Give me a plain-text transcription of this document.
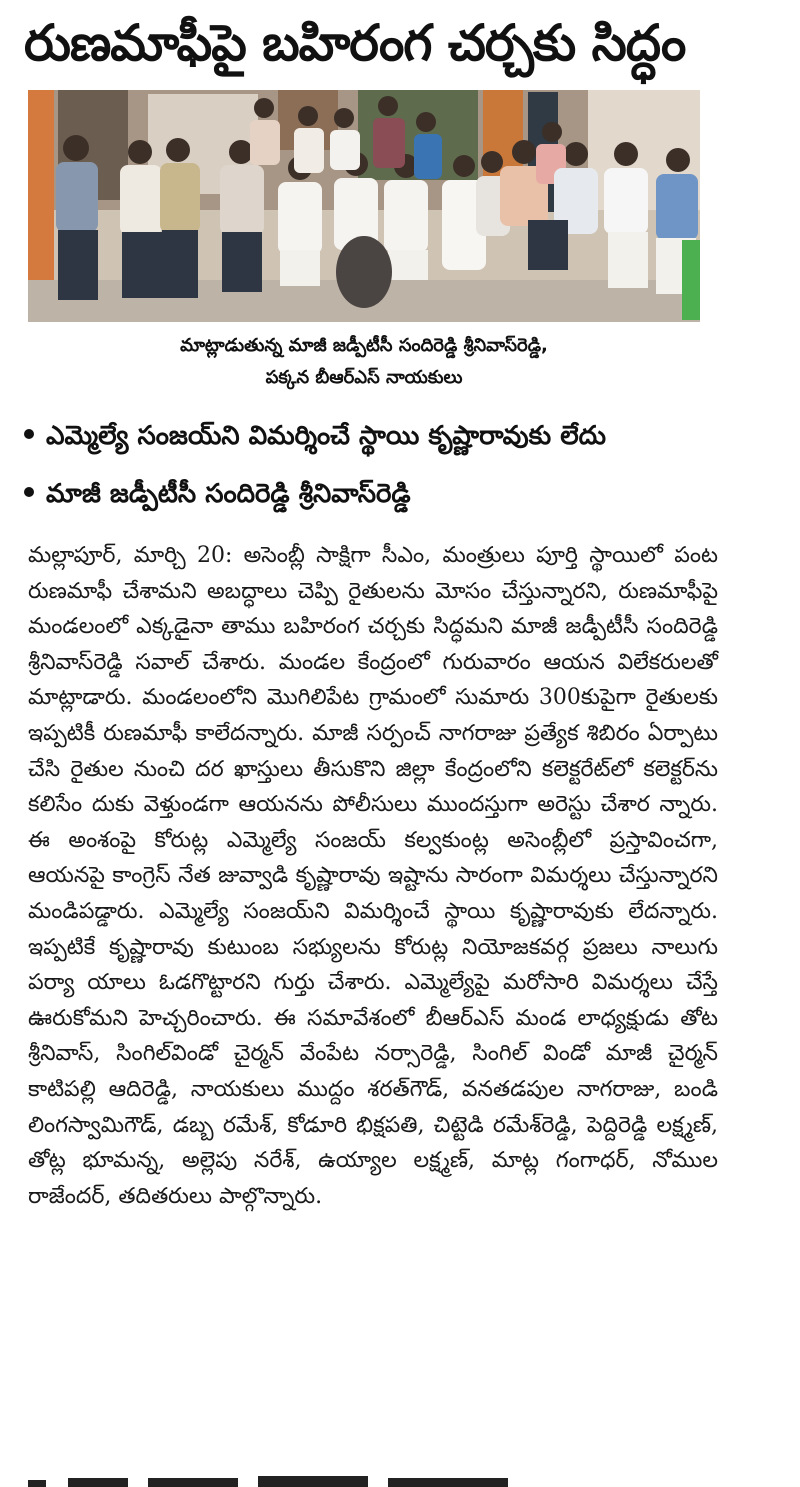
రుణమాఫీపై బహిరంగ చర్చకు సిద్ధం
మాట్లాడుతున్న మాజీ జడ్పీటీసీ సందిరెడ్డి శ్రీనివాస్‌రెడ్డి,
పక్కన బీఆర్‌ఎస్ నాయకులు
ఎమ్మెల్యే సంజయ్‌ని విమర్శించే స్థాయి కృష్ణారావుకు లేదు
మాజీ జడ్పీటీసీ సందిరెడ్డి శ్రీనివాస్‌రెడ్డి
మల్లాపూర్, మార్చి 20: అసెంబ్లీ సాక్షిగా సీఎం, మంత్రులు పూర్తి స్థాయిలో పంట రుణమాఫీ చేశామని అబద్ధాలు చెప్పి రైతులను మోసం చేస్తున్నారని, రుణమాఫీపై మండలంలో ఎక్కడైనా తాము బహిరంగ చర్చకు సిద్ధమని మాజీ జడ్పీటీసీ సందిరెడ్డి శ్రీనివాస్‌రెడ్డి సవాల్ చేశారు. మండల కేంద్రంలో గురువారం ఆయన విలేకరులతో మాట్లాడారు. మండలంలోని మొగిలిపేట గ్రామంలో సుమారు 300కుపైగా రైతులకు ఇప్పటికీ రుణమాఫీ కాలేదన్నారు. మాజీ సర్పంచ్ నాగరాజు ప్రత్యేక శిబిరం ఏర్పాటు చేసి రైతుల నుంచి దర ఖాస్తులు తీసుకొని జిల్లా కేంద్రంలోని కలెక్టరేట్‌లో కలెక్టర్‌ను కలిసేం దుకు వెళ్తుండగా ఆయనను పోలీసులు ముందస్తుగా అరెస్టు చేశార న్నారు. ఈ అంశంపై కోరుట్ల ఎమ్మెల్యే సంజయ్ కల్వకుంట్ల అసెంబ్లీలో ప్రస్తావించగా, ఆయనపై కాంగ్రెస్ నేత జువ్వాడి కృష్ణారావు ఇష్టాను సారంగా విమర్శలు చేస్తున్నారని మండిపడ్డారు. ఎమ్మెల్యే సంజయ్‌ని విమర్శించే స్థాయి కృష్ణారావుకు లేదన్నారు. ఇప్పటికే కృష్ణారావు కుటుంబ సభ్యులను కోరుట్ల నియోజకవర్గ ప్రజలు నాలుగు పర్యా యాలు ఓడగొట్టారని గుర్తు చేశారు. ఎమ్మెల్యేపై మరోసారి విమర్శలు చేస్తే ఊరుకోమని హెచ్చరించారు. ఈ సమావేశంలో బీఆర్‌ఎస్ మండ లాధ్యక్షుడు తోట శ్రీనివాస్, సింగిల్‌విండో చైర్మన్ వేంపేట నర్సారెడ్డి, సింగిల్ విండో మాజీ చైర్మన్ కాటిపల్లి ఆదిరెడ్డి, నాయకులు ముద్దం శరత్‌గౌడ్, వనతడపుల నాగరాజు, బండి లింగస్వామిగౌడ్, డబ్బ రమేశ్, కోడూరి భిక్షపతి, చిట్టెడి రమేశ్‌రెడ్డి, పెద్దిరెడ్డి లక్ష్మణ్, తోట్ల భూమన్న, అల్లెపు నరేశ్, ఉయ్యాల లక్ష్మణ్, మాట్ల గంగాధర్, నోముల రాజేందర్, తదితరులు పాల్గొన్నారు.
